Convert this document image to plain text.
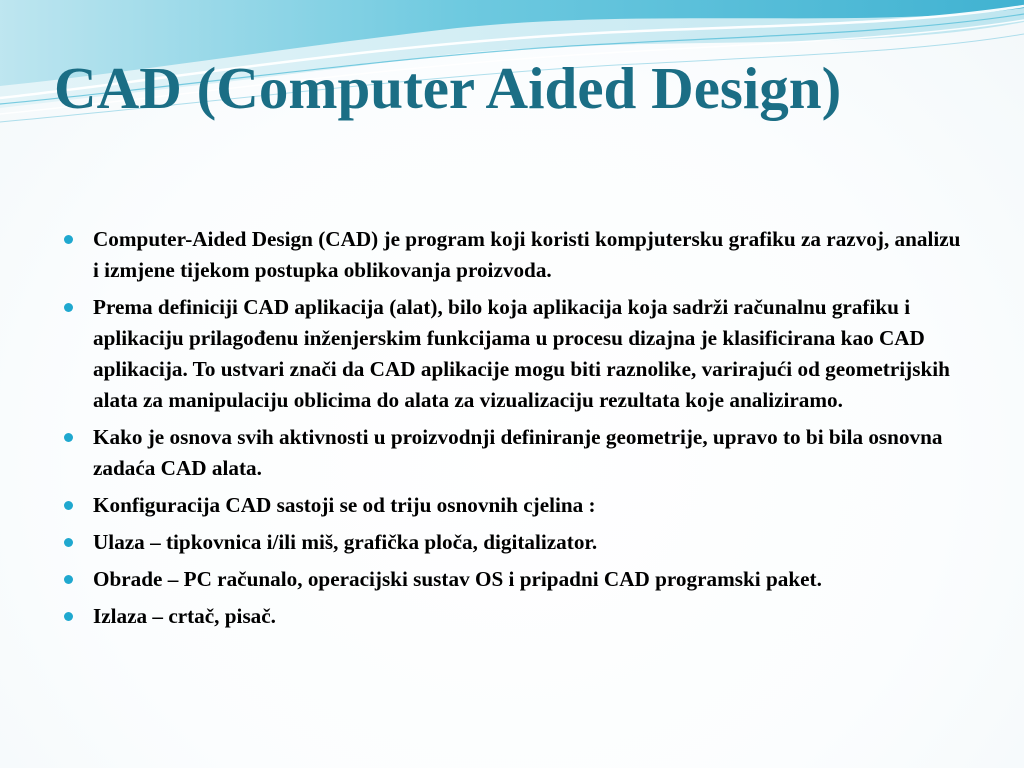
CAD (Computer Aided Design)
Computer-Aided Design (CAD) je program koji koristi kompjutersku grafiku za razvoj, analizu i izmjene tijekom postupka oblikovanja proizvoda.
Prema definiciji CAD aplikacija (alat), bilo koja aplikacija koja sadrži računalnu grafiku i aplikaciju prilagođenu inženjerskim funkcijama u procesu dizajna je klasificirana kao CAD aplikacija. To ustvari znači da CAD aplikacije mogu biti raznolike, varirajući od geometrijskih alata za manipulaciju oblicima do alata za vizualizaciju rezultata koje analiziramo.
Kako je osnova svih aktivnosti u proizvodnji definiranje geometrije, upravo to bi bila osnovna zadaća CAD alata.
Konfiguracija CAD sastoji se od triju osnovnih cjelina :
Ulaza – tipkovnica i/ili miš, grafička ploča, digitalizator.
Obrade – PC računalo, operacijski sustav OS i pripadni CAD programski paket.
Izlaza – crtač, pisač.
